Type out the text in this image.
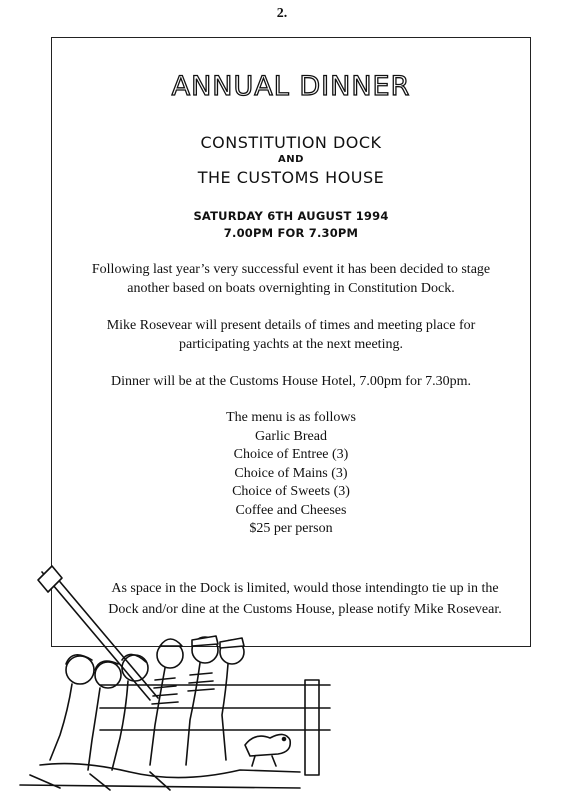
2.
ANNUAL DINNER
CONSTITUTION DOCK
AND
THE CUSTOMS HOUSE
SATURDAY 6TH AUGUST 1994
7.00PM FOR 7.30PM
Following last year’s very successful event it has been decided to stage another based on boats overnighting in Constitution Dock.
Mike Rosevear will present details of times and meeting place for participating yachts at the next meeting.
Dinner will be at the Customs House Hotel, 7.00pm for 7.30pm.
The menu is as follows
Garlic Bread
Choice of Entree (3)
Choice of Mains (3)
Choice of Sweets (3)
Coffee and Cheeses
$25 per person
As space in the Dock is limited, would those intendingto tie up in the
Dock and/or dine at the Customs House, please notify Mike Rosevear.
